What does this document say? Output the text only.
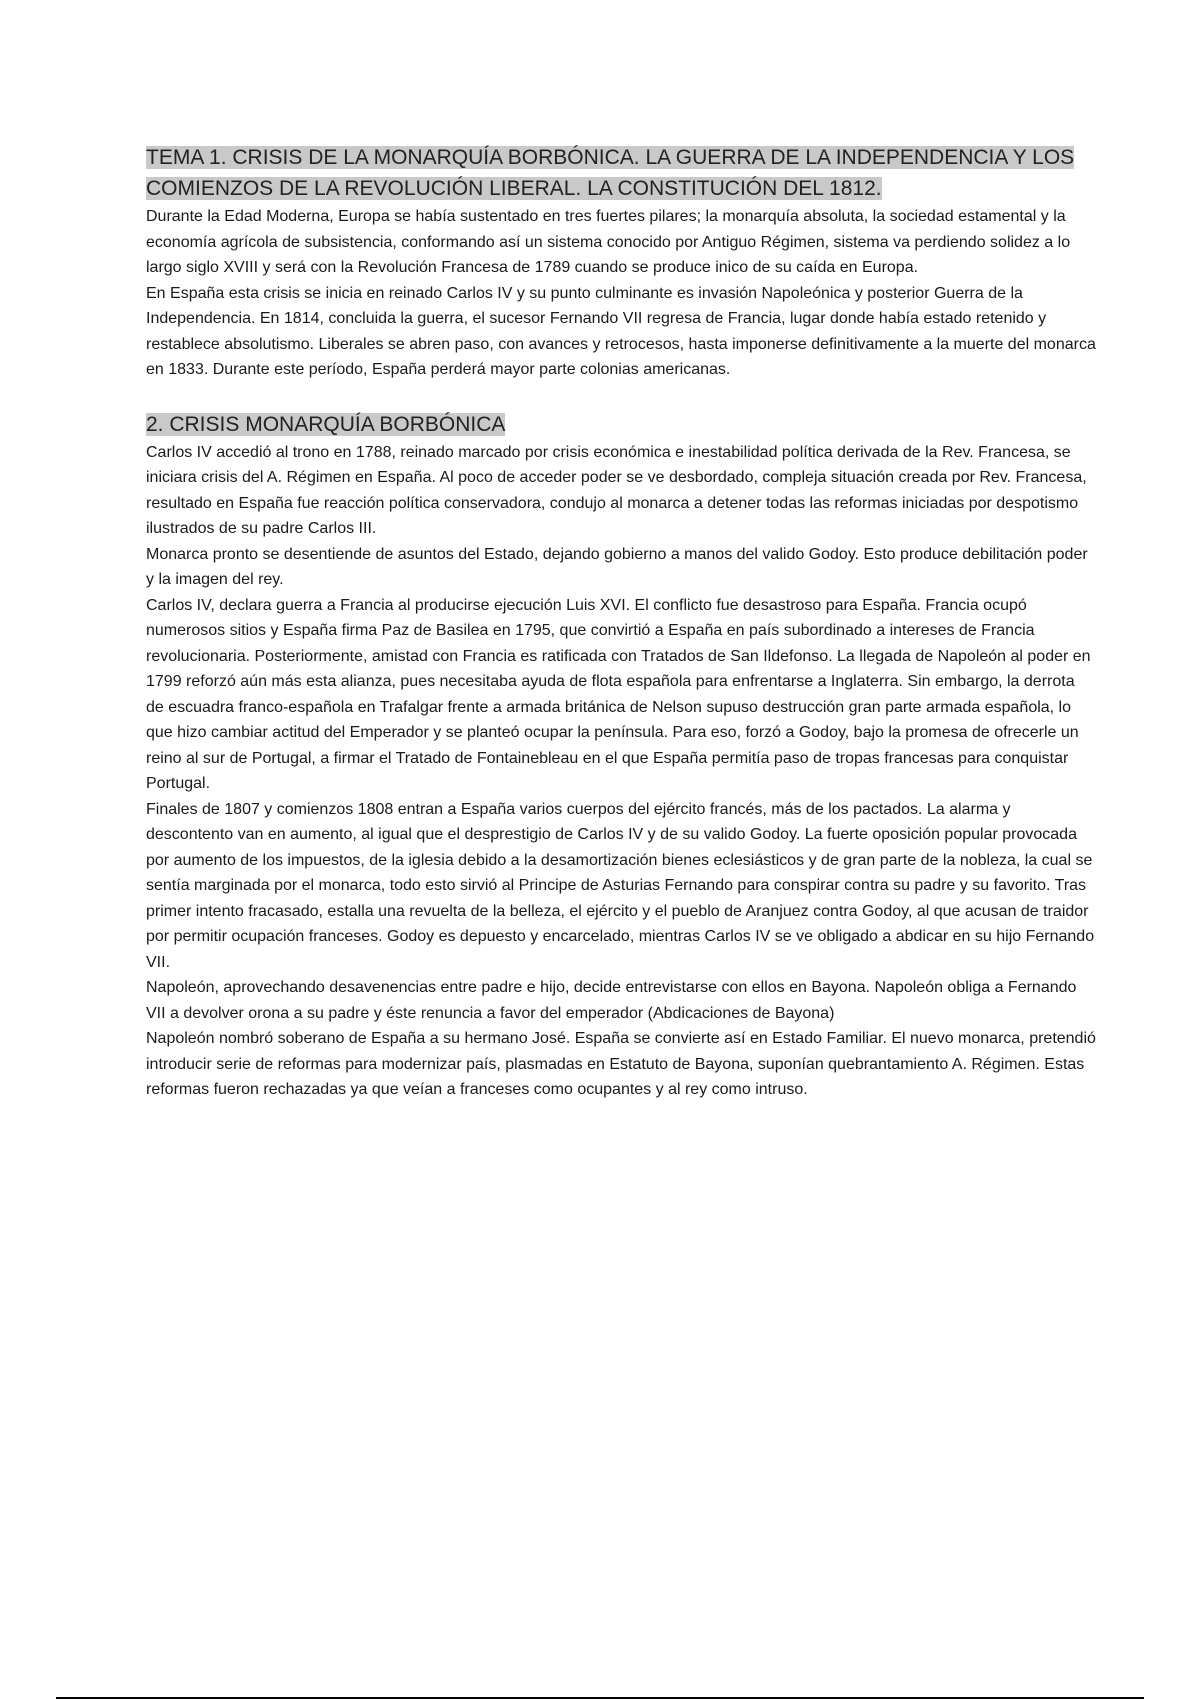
TEMA 1. CRISIS DE LA MONARQUÍA BORBÓNICA. LA GUERRA DE LA INDEPENDENCIA Y LOS COMIENZOS DE LA REVOLUCIÓN LIBERAL. LA CONSTITUCIÓN DEL 1812.

Durante la Edad Moderna, Europa se había sustentado en tres fuertes pilares; la monarquía absoluta, la sociedad estamental y la economía agrícola de subsistencia, conformando así un sistema conocido por Antiguo Régimen, sistema va perdiendo solidez a lo largo siglo XVIII y será con la Revolución Francesa de 1789 cuando se produce inico de su caída en Europa.

En España esta crisis se inicia en reinado Carlos IV y su punto culminante es invasión Napoleónica y posterior Guerra de la Independencia. En 1814, concluida la guerra, el sucesor Fernando VII regresa de Francia, lugar donde había estado retenido y restablece absolutismo. Liberales se abren paso, con avances y retrocesos, hasta imponerse definitivamente a la muerte del monarca en 1833. Durante este período, España perderá mayor parte colonias americanas.

2. CRISIS MONARQUÍA BORBÓNICA

Carlos IV accedió al trono en 1788, reinado marcado por crisis económica e inestabilidad política derivada de la Rev. Francesa, se iniciara crisis del A. Régimen en España. Al poco de acceder poder se ve desbordado, compleja situación creada por Rev. Francesa, resultado en España fue reacción política conservadora, condujo al monarca a detener todas las reformas iniciadas por despotismo ilustrados de su padre Carlos III.

Monarca pronto se desentiende de asuntos del Estado, dejando gobierno a manos del valido Godoy. Esto produce debilitación poder y la imagen del rey.

Carlos IV, declara guerra a Francia al producirse ejecución Luis XVI. El conflicto fue desastroso para España. Francia ocupó numerosos sitios y España firma Paz de Basilea en 1795, que convirtió a España en país subordinado a intereses de Francia revolucionaria. Posteriormente, amistad con Francia es ratificada con Tratados de San Ildefonso. La llegada de Napoleón al poder en 1799 reforzó aún más esta alianza, pues necesitaba ayuda de flota española para enfrentarse a Inglaterra. Sin embargo, la derrota de escuadra franco-española en Trafalgar frente a armada británica de Nelson supuso destrucción gran parte armada española, lo que hizo cambiar actitud del Emperador y se planteó ocupar la península. Para eso, forzó a Godoy, bajo la promesa de ofrecerle un reino al sur de Portugal, a firmar el Tratado de Fontainebleau en el que España permitía paso de tropas francesas para conquistar Portugal.

Finales de 1807 y comienzos 1808 entran a España varios cuerpos del ejército francés, más de los pactados. La alarma y descontento van en aumento, al igual que el desprestigio de Carlos IV y de su valido Godoy. La fuerte oposición popular provocada por aumento de los impuestos, de la iglesia debido a la desamortización bienes eclesiásticos y de gran parte de la nobleza, la cual se sentía marginada por el monarca, todo esto sirvió al Principe de Asturias Fernando para conspirar contra su padre y su favorito. Tras primer intento fracasado, estalla una revuelta de la belleza, el ejército y el pueblo de Aranjuez contra Godoy, al que acusan de traidor por permitir ocupación franceses. Godoy es depuesto y encarcelado, mientras Carlos IV se ve obligado a abdicar en su hijo Fernando VII.

Napoleón, aprovechando desavenencias entre padre e hijo, decide entrevistarse con ellos en Bayona. Napoleón obliga a Fernando VII a devolver orona a su padre y éste renuncia a favor del emperador (Abdicaciones de Bayona)

Napoleón nombró soberano de España a su hermano José. España se convierte así en Estado Familiar. El nuevo monarca, pretendió introducir serie de reformas para modernizar país, plasmadas en Estatuto de Bayona, suponían quebrantamiento A. Régimen. Estas reformas fueron rechazadas ya que veían a franceses como ocupantes y al rey como intruso.
